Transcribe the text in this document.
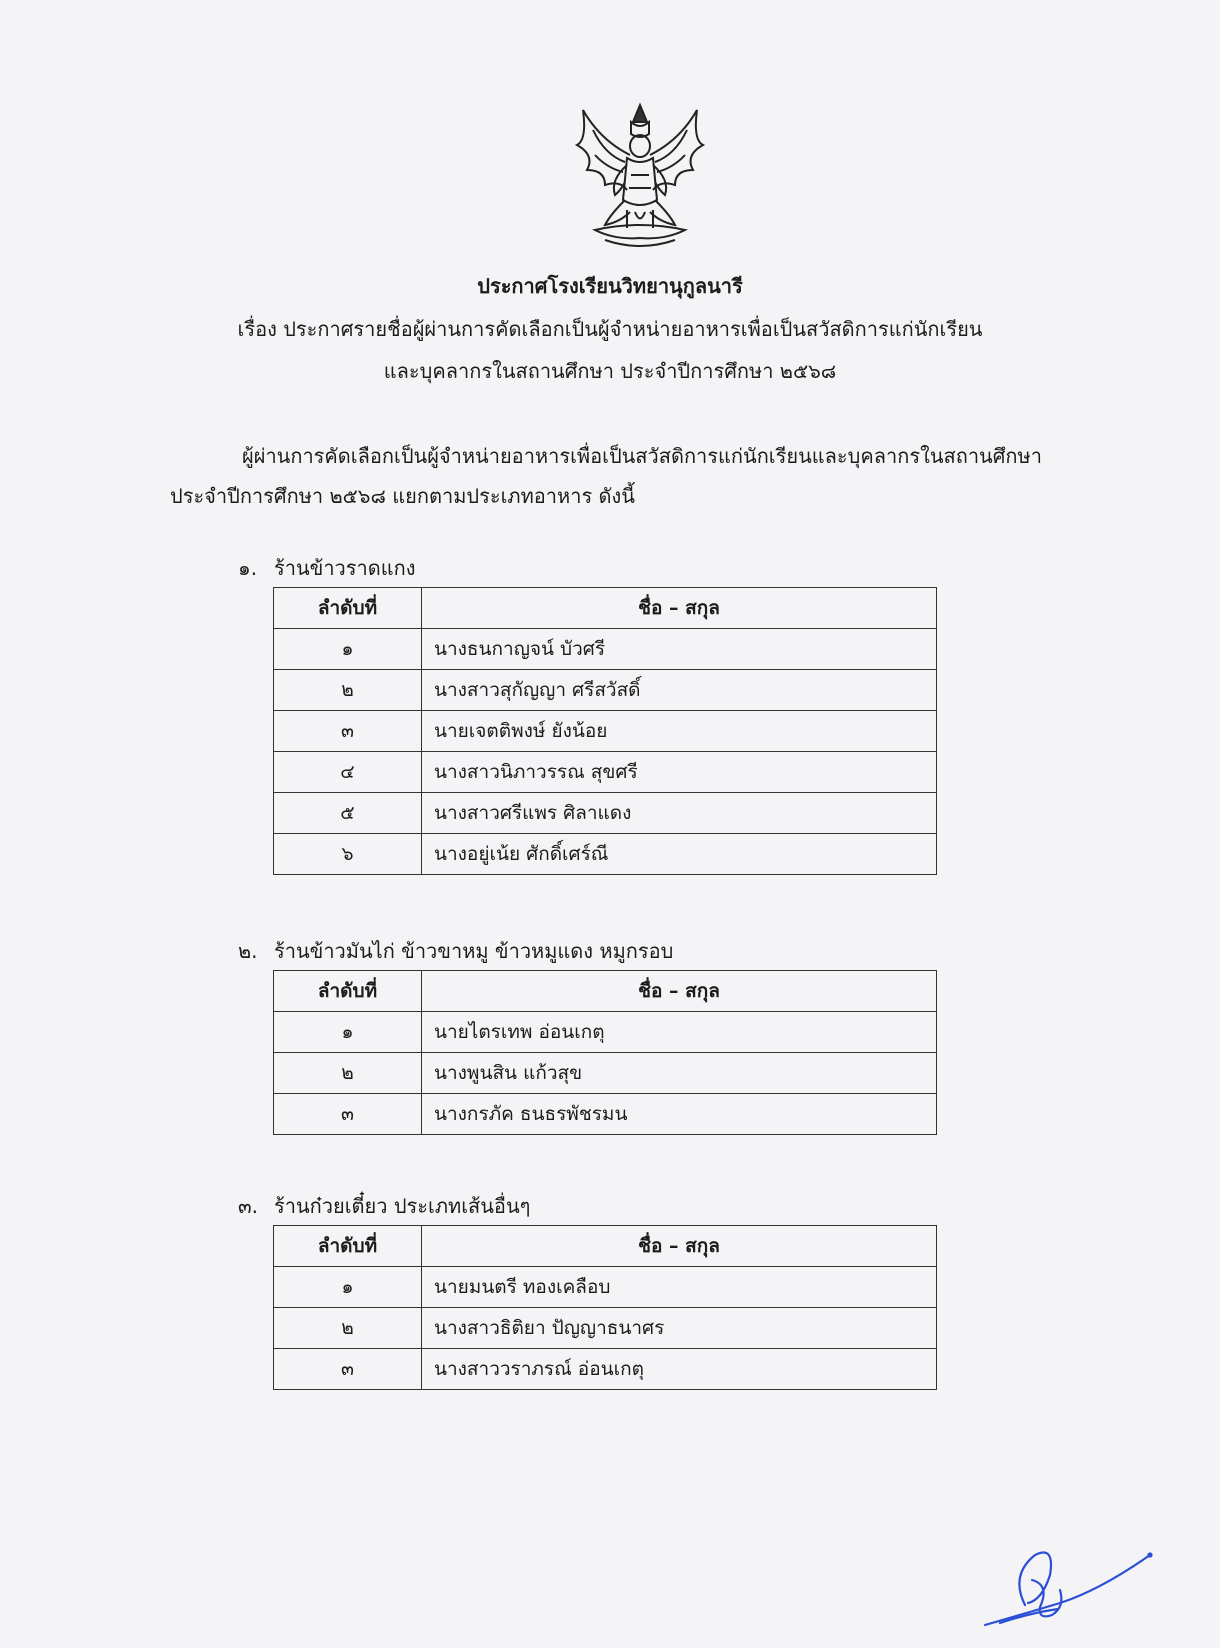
ประกาศโรงเรียนวิทยานุกูลนารี
เรื่อง ประกาศรายชื่อผู้ผ่านการคัดเลือกเป็นผู้จำหน่ายอาหารเพื่อเป็นสวัสดิการแก่นักเรียน
และบุคลากรในสถานศึกษา ประจำปีการศึกษา ๒๕๖๘
ผู้ผ่านการคัดเลือกเป็นผู้จำหน่ายอาหารเพื่อเป็นสวัสดิการแก่นักเรียนและบุคลากรในสถานศึกษา
ประจำปีการศึกษา ๒๕๖๘ แยกตามประเภทอาหาร ดังนี้
๑. ร้านข้าวราดแกง
ลำดับที่	ชื่อ – สกุล
๑	นางธนกาญจน์ บัวศรี
๒	นางสาวสุกัญญา ศรีสวัสดิ์
๓	นายเจตติพงษ์ ยังน้อย
๔	นางสาวนิภาวรรณ สุขศรี
๕	นางสาวศรีแพร ศิลาแดง
๖	นางอยู่เน้ย ศักดิ์เศร์ณี
๒. ร้านข้าวมันไก่ ข้าวขาหมู ข้าวหมูแดง หมูกรอบ
ลำดับที่	ชื่อ – สกุล
๑	นายไตรเทพ อ่อนเกตุ
๒	นางพูนสิน แก้วสุข
๓	นางกรภัค ธนธรพัชรมน
๓. ร้านก๋วยเตี๋ยว ประเภทเส้นอื่นๆ
ลำดับที่	ชื่อ – สกุล
๑	นายมนตรี ทองเคลือบ
๒	นางสาวธิติยา ปัญญาธนาศร
๓	นางสาววราภรณ์ อ่อนเกตุ
